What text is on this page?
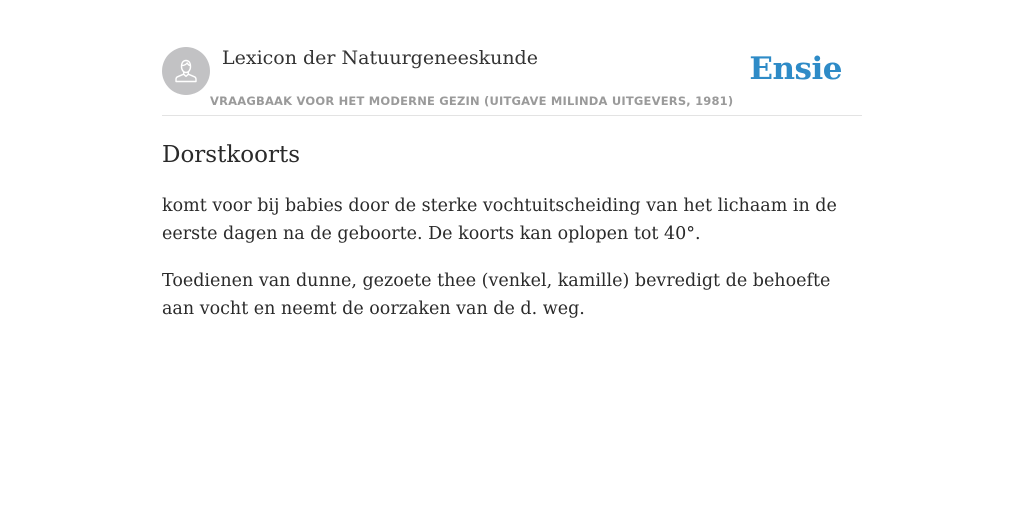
Lexicon der Natuurgeneeskunde
VRAAGBAAK VOOR HET MODERNE GEZIN (UITGAVE MILINDA UITGEVERS, 1981)
Ensie
Dorstkoorts

komt voor bij babies door de sterke vochtuitscheiding van het lichaam in de eerste dagen na de geboorte. De koorts kan oplopen tot 40°.

Toedienen van dunne, gezoete thee (venkel, kamille) bevredigt de behoefte aan vocht en neemt de oorzaken van de d. weg.
